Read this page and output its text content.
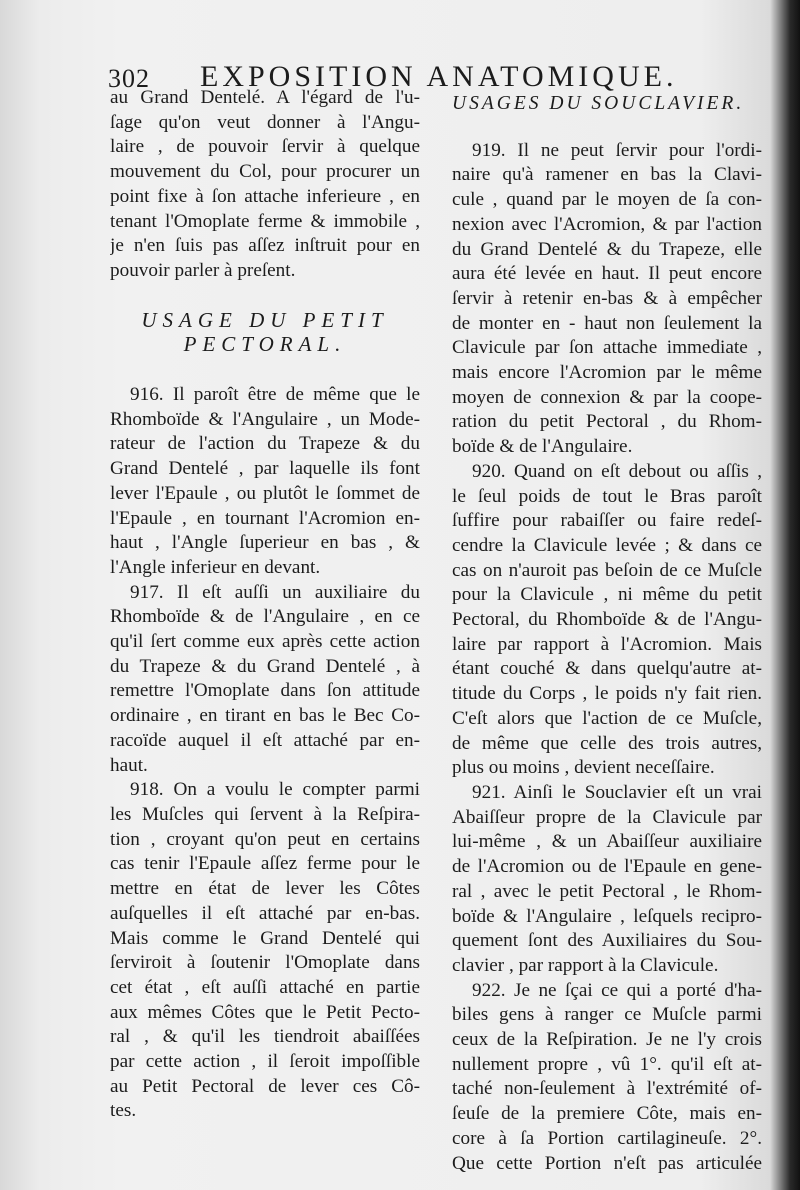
302 EXPOSITION ANATOMIQUE.
au Grand Dentelé. A l'égard de l'u-
ſage qu'on veut donner à l'Angu-
laire , de pouvoir ſervir à quelque
mouvement du Col, pour procurer un
point fixe à ſon attache inferieure , en
tenant l'Omoplate ferme & immobile ,
je n'en ſuis pas aſſez inſtruit pour en
pouvoir parler à preſent.
USAGE DU PETIT
PECTORAL.
916. Il paroît être de même que le
Rhomboïde & l'Angulaire , un Mode-
rateur de l'action du Trapeze & du
Grand Dentelé , par laquelle ils font
lever l'Epaule , ou plutôt le ſommet de
l'Epaule , en tournant l'Acromion en-
haut , l'Angle ſuperieur en bas , &
l'Angle inferieur en devant.
917. Il eſt auſſi un auxiliaire du
Rhomboïde & de l'Angulaire , en ce
qu'il ſert comme eux après cette action
du Trapeze & du Grand Dentelé , à
remettre l'Omoplate dans ſon attitude
ordinaire , en tirant en bas le Bec Co-
racoïde auquel il eſt attaché par en-
haut.
918. On a voulu le compter parmi
les Muſcles qui ſervent à la Reſpira-
tion , croyant qu'on peut en certains
cas tenir l'Epaule aſſez ferme pour le
mettre en état de lever les Côtes
auſquelles il eſt attaché par en-bas.
Mais comme le Grand Dentelé qui
ſerviroit à ſoutenir l'Omoplate dans
cet état , eſt auſſi attaché en partie
aux mêmes Côtes que le Petit Pecto-
ral , & qu'il les tiendroit abaiſſées
par cette action , il ſeroit impoſſible
au Petit Pectoral de lever ces Cô-
tes.
USAGES DU SOUCLAVIER.
919. Il ne peut ſervir pour l'ordi-
naire qu'à ramener en bas la Clavi-
cule , quand par le moyen de ſa con-
nexion avec l'Acromion, & par l'action
du Grand Dentelé & du Trapeze, elle
aura été levée en haut. Il peut encore
ſervir à retenir en-bas & à empêcher
de monter en - haut non ſeulement la
Clavicule par ſon attache immediate ,
mais encore l'Acromion par le même
moyen de connexion & par la coope-
ration du petit Pectoral , du Rhom-
boïde & de l'Angulaire.
920. Quand on eſt debout ou aſſis ,
le ſeul poids de tout le Bras paroît
ſuffire pour rabaiſſer ou faire redeſ-
cendre la Clavicule levée ; & dans ce
cas on n'auroit pas beſoin de ce Muſcle
pour la Clavicule , ni même du petit
Pectoral, du Rhomboïde & de l'Angu-
laire par rapport à l'Acromion. Mais
étant couché & dans quelqu'autre at-
titude du Corps , le poids n'y fait rien.
C'eſt alors que l'action de ce Muſcle,
de même que celle des trois autres,
plus ou moins , devient neceſſaire.
921. Ainſi le Souclavier eſt un vrai
Abaiſſeur propre de la Clavicule par
lui-même , & un Abaiſſeur auxiliaire
de l'Acromion ou de l'Epaule en gene-
ral , avec le petit Pectoral , le Rhom-
boïde & l'Angulaire , leſquels recipro-
quement ſont des Auxiliaires du Sou-
clavier , par rapport à la Clavicule.
922. Je ne ſçai ce qui a porté d'ha-
biles gens à ranger ce Muſcle parmi
ceux de la Reſpiration. Je ne l'y crois
nullement propre , vû 1°. qu'il eſt at-
taché non-ſeulement à l'extrémité of-
ſeuſe de la premiere Côte, mais en-
core à ſa Portion cartilagineuſe. 2°.
Que cette Portion n'eſt pas articulée
